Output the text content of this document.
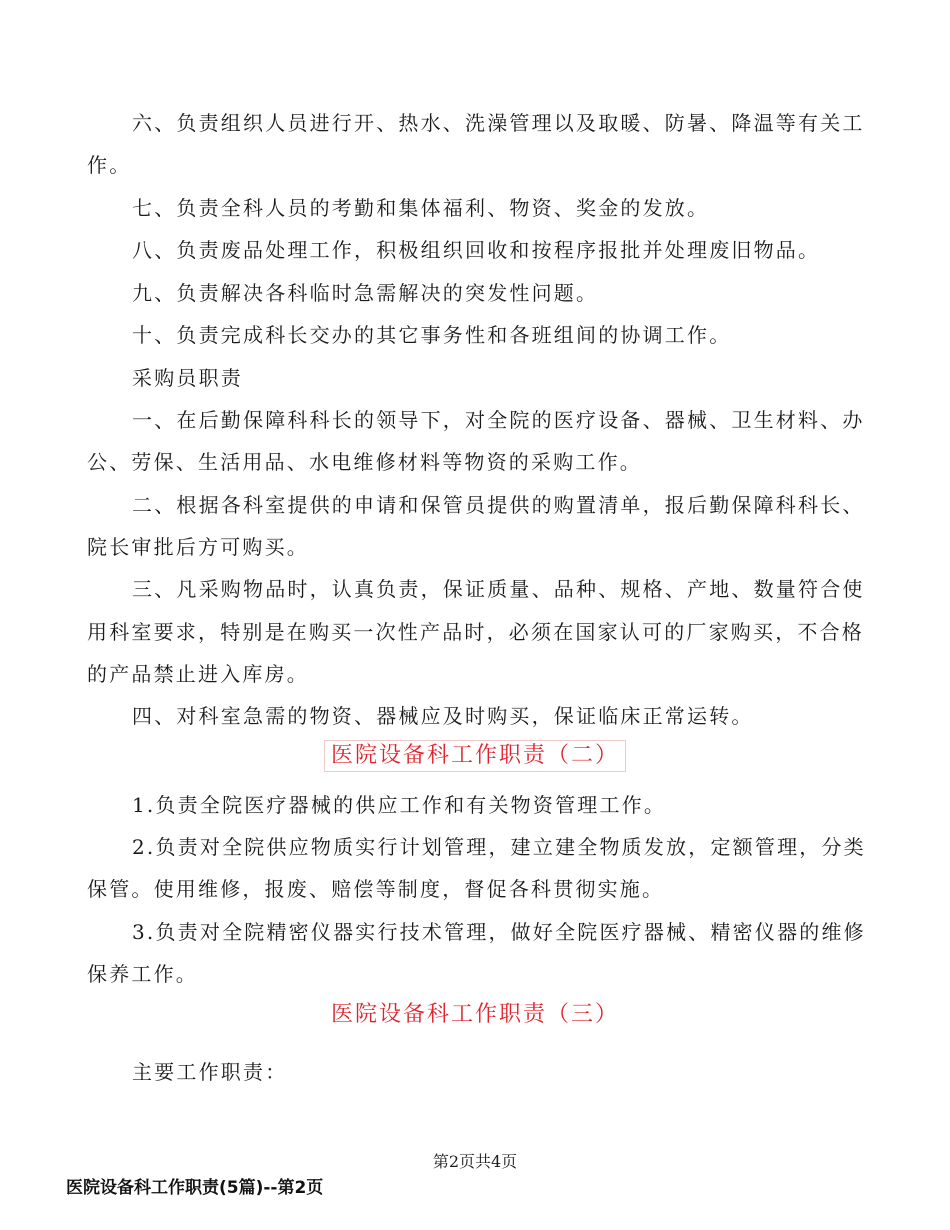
六、负责组织人员进行开、热水、洗澡管理以及取暖、防暑、降温等有关工
作。
七、负责全科人员的考勤和集体福利、物资、奖金的发放。
八、负责废品处理工作，积极组织回收和按程序报批并处理废旧物品。
九、负责解决各科临时急需解决的突发性问题。
十、负责完成科长交办的其它事务性和各班组间的协调工作。
采购员职责
一、在后勤保障科科长的领导下，对全院的医疗设备、器械、卫生材料、办
公、劳保、生活用品、水电维修材料等物资的采购工作。
二、根据各科室提供的申请和保管员提供的购置清单，报后勤保障科科长、
院长审批后方可购买。
三、凡采购物品时，认真负责，保证质量、品种、规格、产地、数量符合使
用科室要求，特别是在购买一次性产品时，必须在国家认可的厂家购买，不合格
的产品禁止进入库房。
四、对科室急需的物资、器械应及时购买，保证临床正常运转。
医院设备科工作职责（二）
1.负责全院医疗器械的供应工作和有关物资管理工作。
2.负责对全院供应物质实行计划管理，建立建全物质发放，定额管理，分类
保管。使用维修，报废、赔偿等制度，督促各科贯彻实施。
3.负责对全院精密仪器实行技术管理，做好全院医疗器械、精密仪器的维修
保养工作。
医院设备科工作职责（三）
主要工作职责：
第2页共4页
医院设备科工作职责(5篇)--第2页
